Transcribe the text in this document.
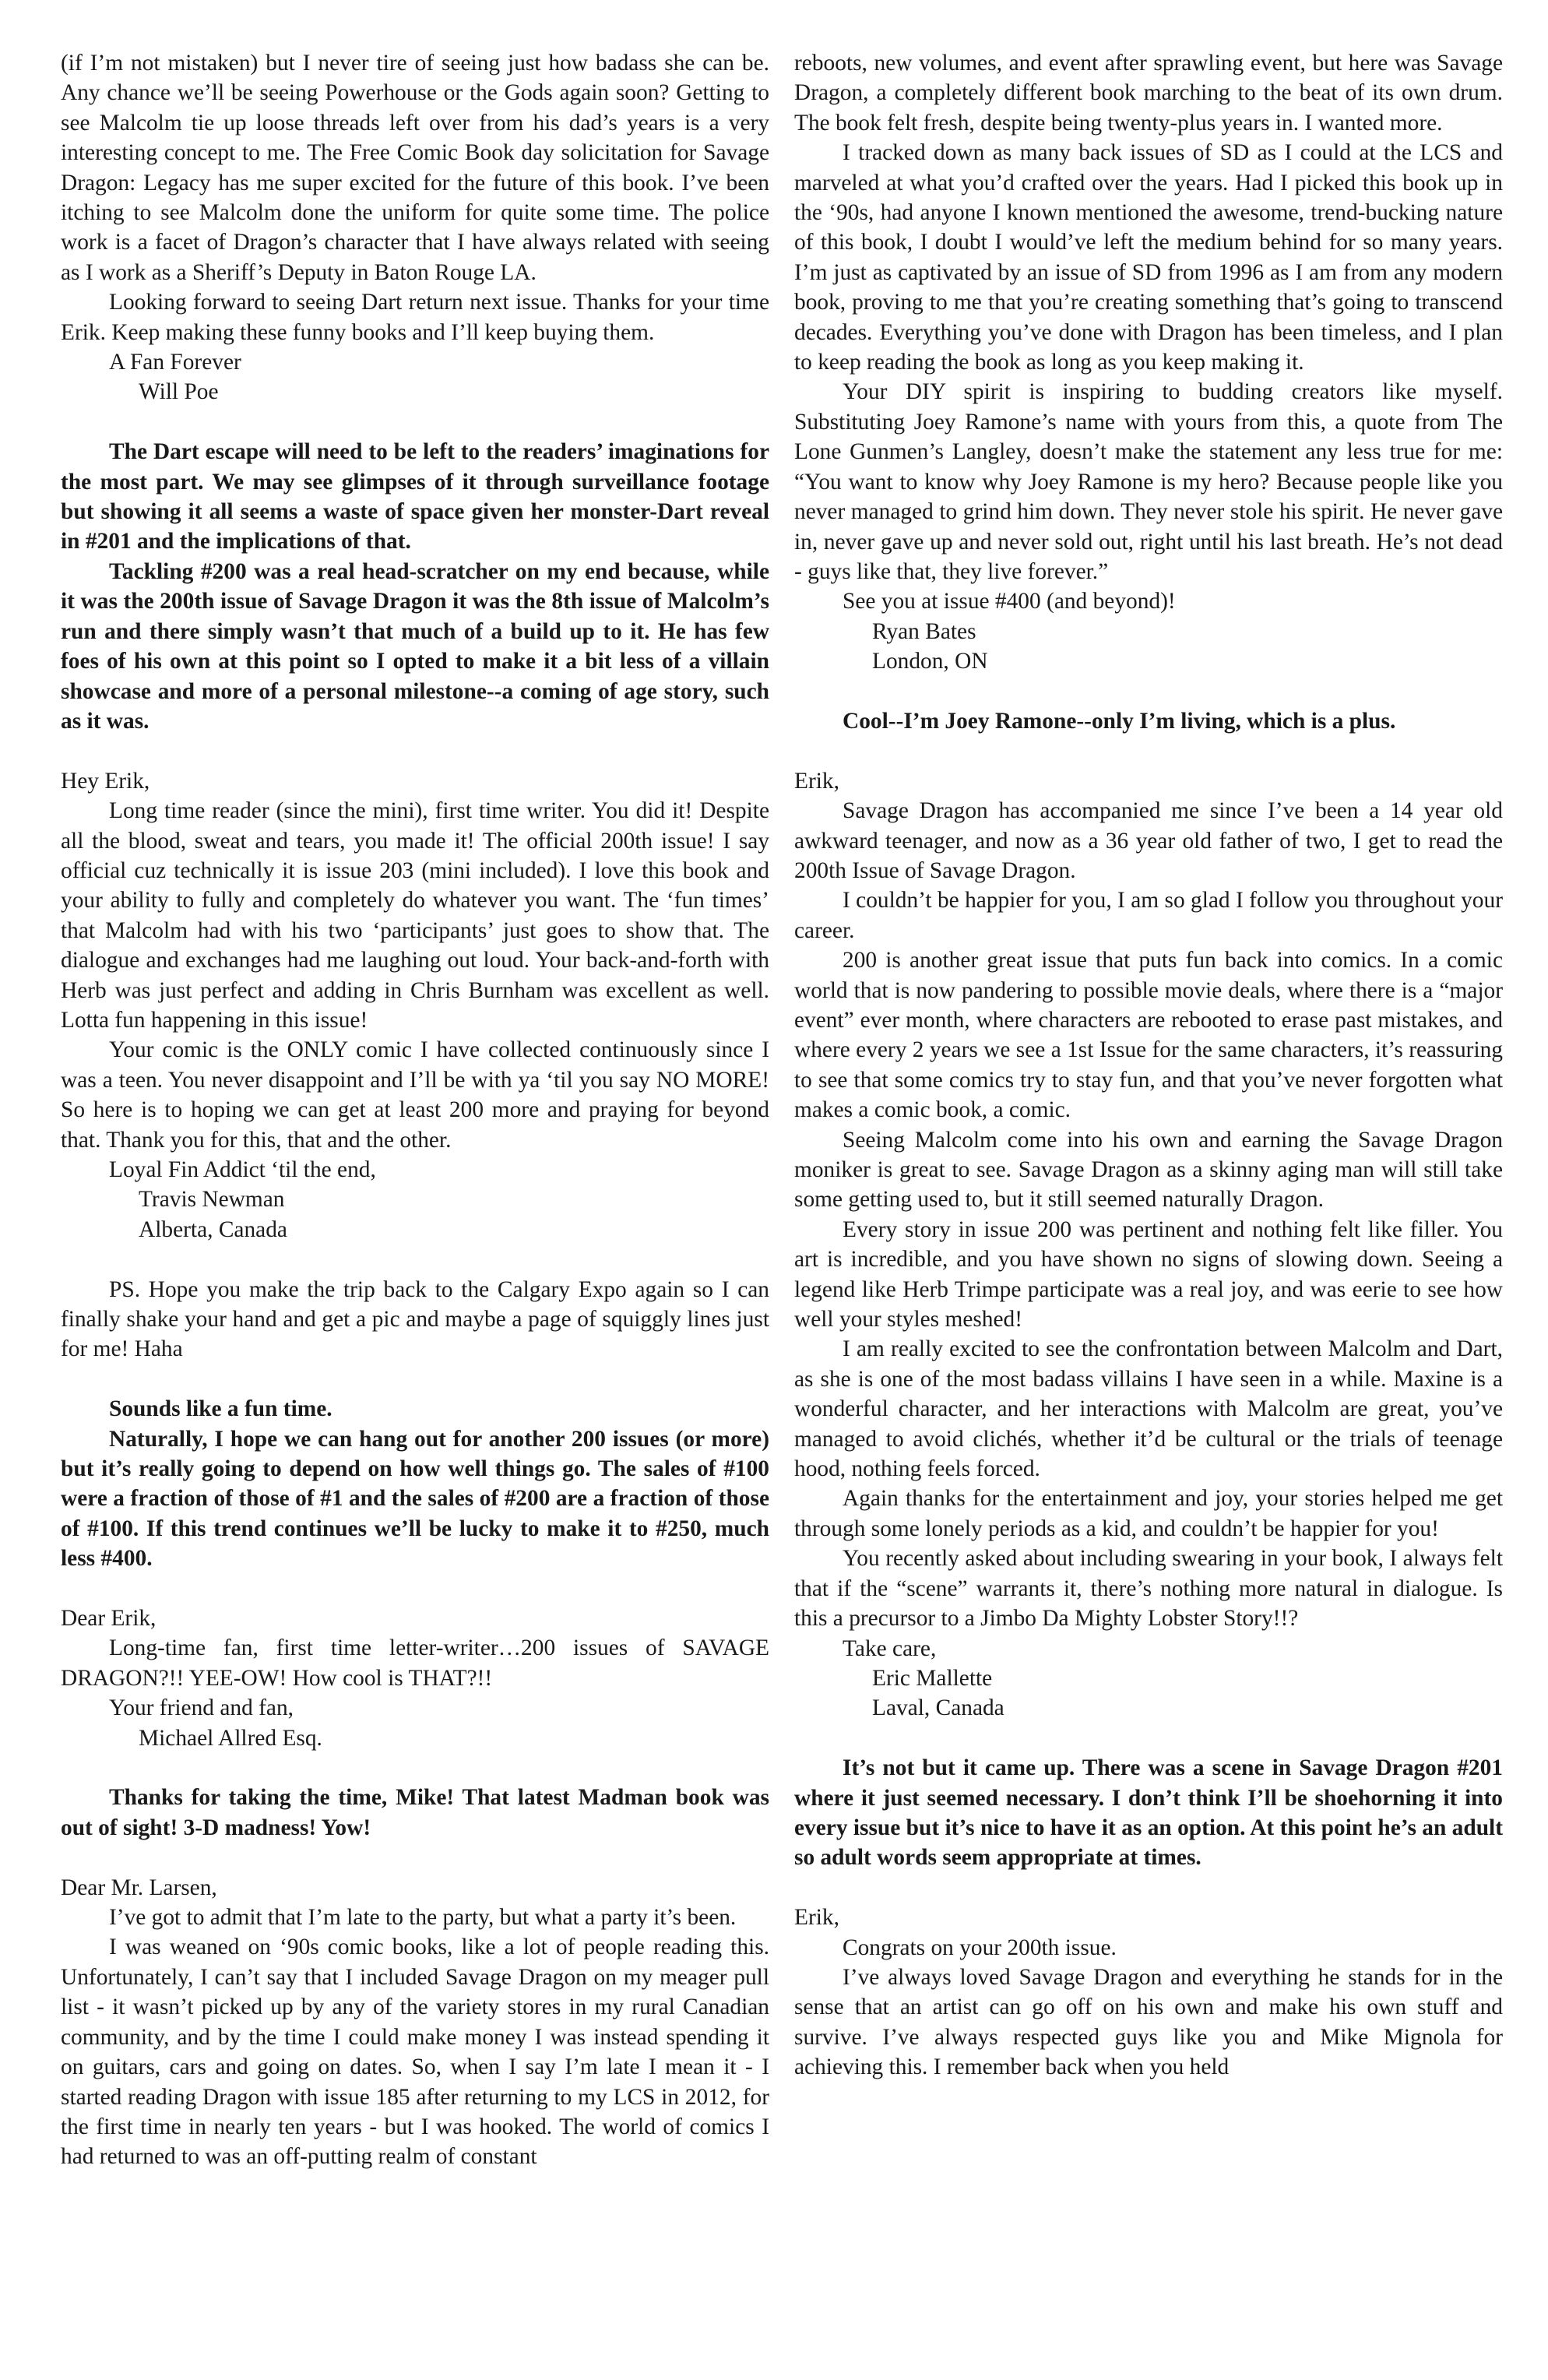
(if I’m not mistaken) but I never tire of seeing just how badass she can be. Any chance we’ll be seeing Powerhouse or the Gods again soon? Getting to see Malcolm tie up loose threads left over from his dad’s years is a very interesting concept to me. The Free Comic Book day solicitation for Savage Dragon: Legacy has me super excited for the future of this book. I’ve been itching to see Malcolm done the uniform for quite some time. The police work is a facet of Dragon’s character that I have always related with seeing as I work as a Sheriff’s Deputy in Baton Rouge LA.

Looking forward to seeing Dart return next issue. Thanks for your time Erik. Keep making these funny books and I’ll keep buying them.

A Fan Forever

Will Poe

The Dart escape will need to be left to the readers’ imaginations for the most part. We may see glimpses of it through surveillance footage but showing it all seems a waste of space given her monster-Dart reveal in #201 and the implications of that.

Tackling #200 was a real head-scratcher on my end because, while it was the 200th issue of Savage Dragon it was the 8th issue of Malcolm’s run and there simply wasn’t that much of a build up to it. He has few foes of his own at this point so I opted to make it a bit less of a villain showcase and more of a personal milestone--a coming of age story, such as it was.

Hey Erik,

Long time reader (since the mini), first time writer. You did it! Despite all the blood, sweat and tears, you made it! The official 200th issue! I say official cuz technically it is issue 203 (mini included). I love this book and your ability to fully and completely do whatever you want. The ‘fun times’ that Malcolm had with his two ‘participants’ just goes to show that. The dialogue and exchanges had me laughing out loud. Your back-and-forth with Herb was just perfect and adding in Chris Burnham was excellent as well. Lotta fun happening in this issue!

Your comic is the ONLY comic I have collected continuously since I was a teen. You never disappoint and I’ll be with ya ‘til you say NO MORE! So here is to hoping we can get at least 200 more and praying for beyond that. Thank you for this, that and the other.

Loyal Fin Addict ‘til the end,

Travis Newman

Alberta, Canada

PS. Hope you make the trip back to the Calgary Expo again so I can finally shake your hand and get a pic and maybe a page of squiggly lines just for me! Haha

Sounds like a fun time.

Naturally, I hope we can hang out for another 200 issues (or more) but it’s really going to depend on how well things go. The sales of #100 were a fraction of those of #1 and the sales of #200 are a fraction of those of #100. If this trend continues we’ll be lucky to make it to #250, much less #400.

Dear Erik,

Long-time fan, first time letter-writer…200 issues of SAVAGE DRAGON?!! YEE-OW! How cool is THAT?!!

Your friend and fan,

Michael Allred Esq.

Thanks for taking the time, Mike! That latest Madman book was out of sight! 3-D madness! Yow!

Dear Mr. Larsen,

I’ve got to admit that I’m late to the party, but what a party it’s been.

I was weaned on ‘90s comic books, like a lot of people reading this. Unfortunately, I can’t say that I included Savage Dragon on my meager pull list - it wasn’t picked up by any of the variety stores in my rural Canadian community, and by the time I could make money I was instead spending it on guitars, cars and going on dates. So, when I say I’m late I mean it - I started reading Dragon with issue 185 after returning to my LCS in 2012, for the first time in nearly ten years - but I was hooked. The world of comics I had returned to was an off-putting realm of constant

reboots, new volumes, and event after sprawling event, but here was Savage Dragon, a completely different book marching to the beat of its own drum. The book felt fresh, despite being twenty-plus years in. I wanted more.

I tracked down as many back issues of SD as I could at the LCS and marveled at what you’d crafted over the years. Had I picked this book up in the ‘90s, had anyone I known mentioned the awesome, trend-bucking nature of this book, I doubt I would’ve left the medium behind for so many years. I’m just as captivated by an issue of SD from 1996 as I am from any modern book, proving to me that you’re creating something that’s going to transcend decades. Everything you’ve done with Dragon has been timeless, and I plan to keep reading the book as long as you keep making it.

Your DIY spirit is inspiring to budding creators like myself. Substituting Joey Ramone’s name with yours from this, a quote from The Lone Gunmen’s Langley, doesn’t make the statement any less true for me: “You want to know why Joey Ramone is my hero? Because people like you never managed to grind him down. They never stole his spirit. He never gave in, never gave up and never sold out, right until his last breath. He’s not dead - guys like that, they live forever.”

See you at issue #400 (and beyond)!

Ryan Bates

London, ON

Cool--I’m Joey Ramone--only I’m living, which is a plus.

Erik,

Savage Dragon has accompanied me since I’ve been a 14 year old awkward teenager, and now as a 36 year old father of two, I get to read the 200th Issue of Savage Dragon.

I couldn’t be happier for you, I am so glad I follow you throughout your career.

200 is another great issue that puts fun back into comics. In a comic world that is now pandering to possible movie deals, where there is a “major event” ever month, where characters are rebooted to erase past mistakes, and where every 2 years we see a 1st Issue for the same characters, it’s reassuring to see that some comics try to stay fun, and that you’ve never forgotten what makes a comic book, a comic.

Seeing Malcolm come into his own and earning the Savage Dragon moniker is great to see. Savage Dragon as a skinny aging man will still take some getting used to, but it still seemed naturally Dragon.

Every story in issue 200 was pertinent and nothing felt like filler. You art is incredible, and you have shown no signs of slowing down. Seeing a legend like Herb Trimpe participate was a real joy, and was eerie to see how well your styles meshed!

I am really excited to see the confrontation between Malcolm and Dart, as she is one of the most badass villains I have seen in a while. Maxine is a wonderful character, and her interactions with Malcolm are great, you’ve managed to avoid clichés, whether it’d be cultural or the trials of teenage hood, nothing feels forced.

Again thanks for the entertainment and joy, your stories helped me get through some lonely periods as a kid, and couldn’t be happier for you!

You recently asked about including swearing in your book, I always felt that if the “scene” warrants it, there’s nothing more natural in dialogue. Is this a precursor to a Jimbo Da Mighty Lobster Story!!?

Take care,

Eric Mallette

Laval, Canada

It’s not but it came up. There was a scene in Savage Dragon #201 where it just seemed necessary. I don’t think I’ll be shoehorning it into every issue but it’s nice to have it as an option. At this point he’s an adult so adult words seem appropriate at times.

Erik,

Congrats on your 200th issue.

I’ve always loved Savage Dragon and everything he stands for in the sense that an artist can go off on his own and make his own stuff and survive. I’ve always respected guys like you and Mike Mignola for achieving this. I remember back when you held
